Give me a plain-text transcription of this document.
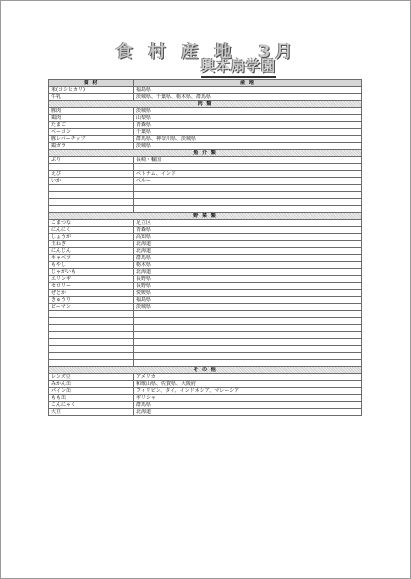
食 村 産 地　3月
興本扇学園
食 材	産 地
米(コシヒカリ)	福島県
牛乳	茨城県、千葉県、栃木県、群馬県
肉 類	
豚肉	茨城県
鶏肉	山梨県
たまご	青森県
ベーコン	千葉県
豚レバーチップ	群馬県、神奈川県、茨城県
鶏ガラ	茨城県
魚 介 類	
ぶり	長崎・輸国

えび	ベトナム、インド
いか	ペルー

野 菜 類	
こまつな	足立区
にんにく	青森県
しょうが	高知県
玉ねぎ	北海道
にんじん	北海道
キャベツ	群馬県
もやし	栃木県
じゃがいも	北海道
エリンギ	長野県
セロリー	長野県
ぜとか	愛媛県
きゅうり	福島県
ピーマン	茨城県

そ の 他	
レンズ豆	アメリカ
みかん缶	和歌山県、佐賀県、大阪府
パイン缶	フィリピン、タイ、インドネシア、マレーシア
もも缶	ギリシャ
こんにゃく	群馬県
大豆	北海道
